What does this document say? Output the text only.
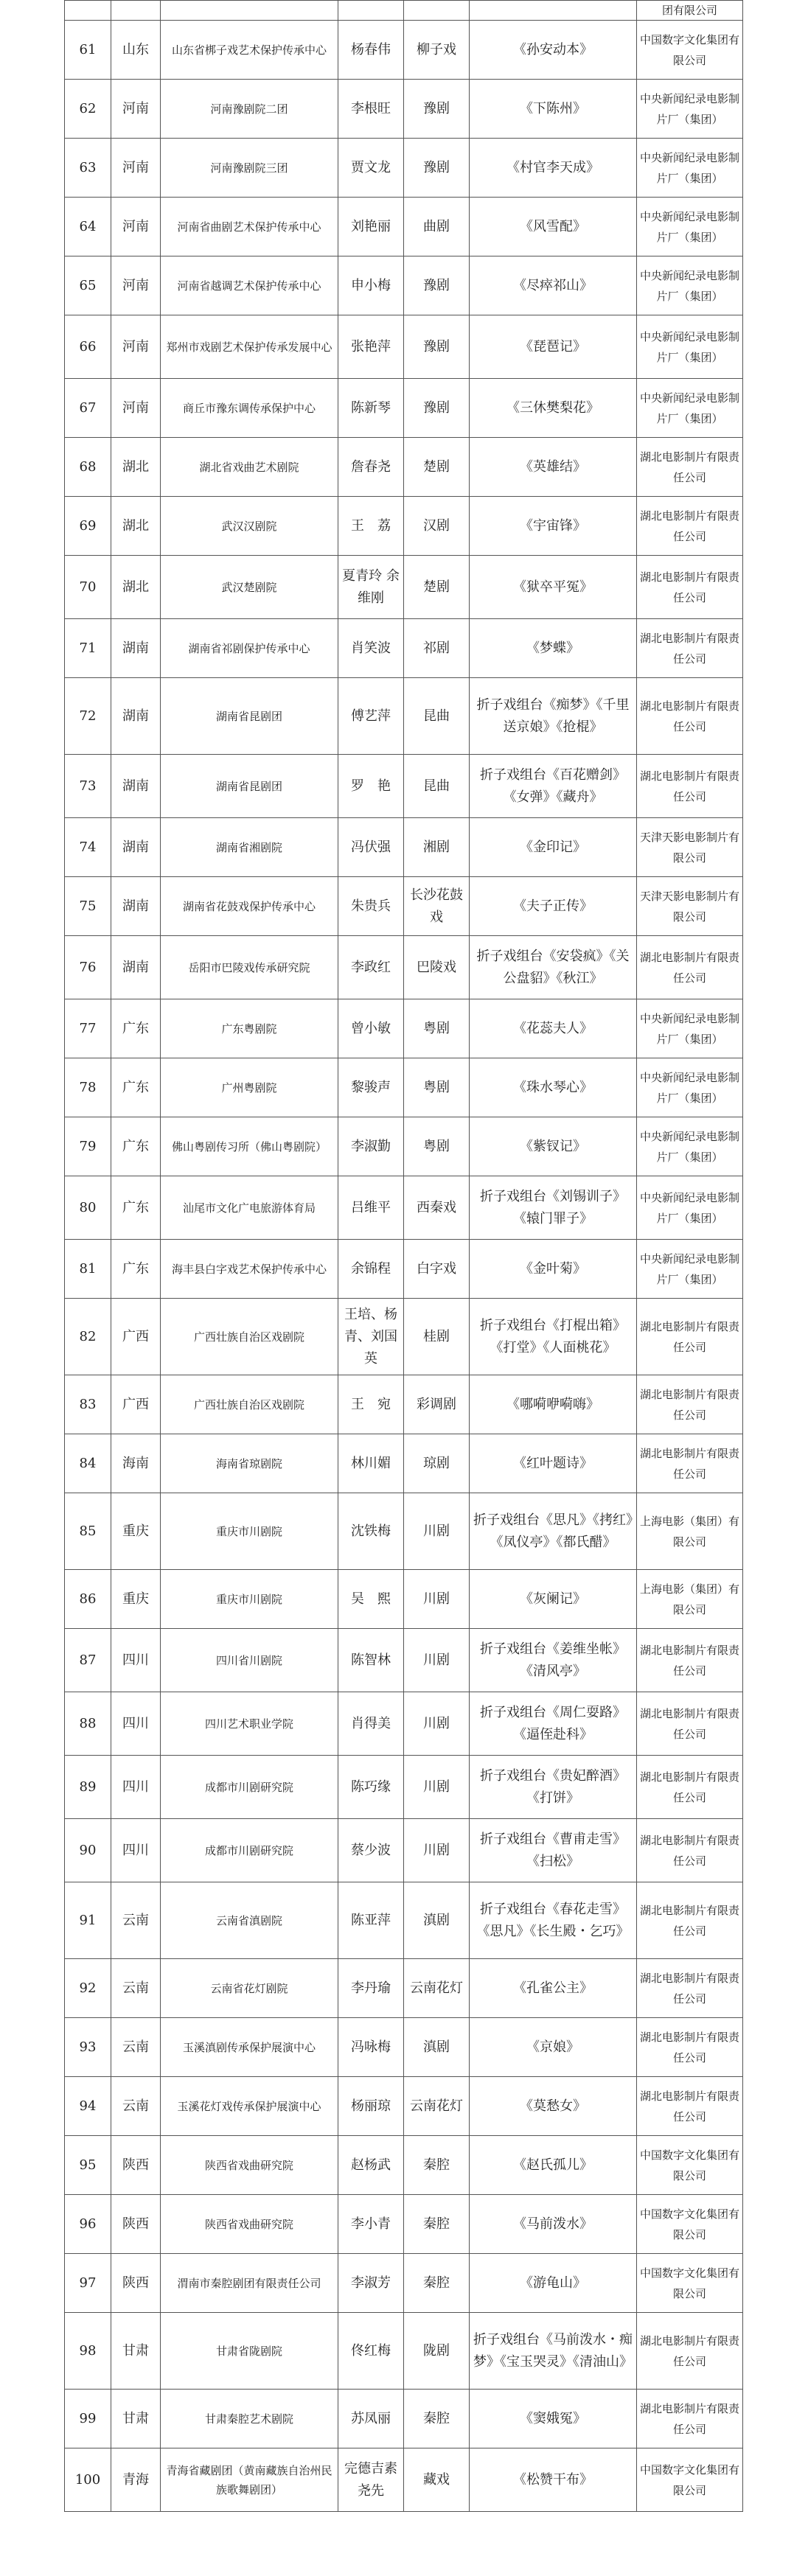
						团有限公司
61	山东	山东省梆子戏艺术保护传承中心	杨春伟	柳子戏	《孙安动本》	中国数字文化集团有限公司
62	河南	河南豫剧院二团	李根旺	豫剧	《下陈州》	中央新闻纪录电影制片厂（集团）
63	河南	河南豫剧院三团	贾文龙	豫剧	《村官李天成》	中央新闻纪录电影制片厂（集团）
64	河南	河南省曲剧艺术保护传承中心	刘艳丽	曲剧	《风雪配》	中央新闻纪录电影制片厂（集团）
65	河南	河南省越调艺术保护传承中心	申小梅	豫剧	《尽瘁祁山》	中央新闻纪录电影制片厂（集团）
66	河南	郑州市戏剧艺术保护传承发展中心	张艳萍	豫剧	《琵琶记》	中央新闻纪录电影制片厂（集团）
67	河南	商丘市豫东调传承保护中心	陈新琴	豫剧	《三休樊梨花》	中央新闻纪录电影制片厂（集团）
68	湖北	湖北省戏曲艺术剧院	詹春尧	楚剧	《英雄结》	湖北电影制片有限责任公司
69	湖北	武汉汉剧院	王　荔	汉剧	《宇宙锋》	湖北电影制片有限责任公司
70	湖北	武汉楚剧院	夏青玲 余维刚	楚剧	《狱卒平冤》	湖北电影制片有限责任公司
71	湖南	湖南省祁剧保护传承中心	肖笑波	祁剧	《梦蝶》	湖北电影制片有限责任公司
72	湖南	湖南省昆剧团	傅艺萍	昆曲	折子戏组台《痴梦》《千里送京娘》《抢棍》	湖北电影制片有限责任公司
73	湖南	湖南省昆剧团	罗　艳	昆曲	折子戏组台《百花赠剑》《女弹》《藏舟》	湖北电影制片有限责任公司
74	湖南	湖南省湘剧院	冯伏强	湘剧	《金印记》	天津天影电影制片有限公司
75	湖南	湖南省花鼓戏保护传承中心	朱贵兵	长沙花鼓戏	《夫子正传》	天津天影电影制片有限公司
76	湖南	岳阳市巴陵戏传承研究院	李政红	巴陵戏	折子戏组台《安袋疯》《关公盘貂》《秋江》	湖北电影制片有限责任公司
77	广东	广东粤剧院	曾小敏	粤剧	《花蕊夫人》	中央新闻纪录电影制片厂（集团）
78	广东	广州粤剧院	黎骏声	粤剧	《珠水琴心》	中央新闻纪录电影制片厂（集团）
79	广东	佛山粤剧传习所（佛山粤剧院）	李淑勤	粤剧	《紫钗记》	中央新闻纪录电影制片厂（集团）
80	广东	汕尾市文化广电旅游体育局	吕维平	西秦戏	折子戏组台《刘锡训子》《辕门罪子》	中央新闻纪录电影制片厂（集团）
81	广东	海丰县白字戏艺术保护传承中心	余锦程	白字戏	《金叶菊》	中央新闻纪录电影制片厂（集团）
82	广西	广西壮族自治区戏剧院	王培、杨青、刘国英	桂剧	折子戏组台《打棍出箱》《打堂》《人面桃花》	湖北电影制片有限责任公司
83	广西	广西壮族自治区戏剧院	王　宛	彩调剧	《哪嗬咿嗬嗨》	湖北电影制片有限责任公司
84	海南	海南省琼剧院	林川媚	琼剧	《红叶题诗》	湖北电影制片有限责任公司
85	重庆	重庆市川剧院	沈铁梅	川剧	折子戏组台《思凡》《拷红》《凤仪亭》《都氏醋》	上海电影（集团）有限公司
86	重庆	重庆市川剧院	吴　熙	川剧	《灰阑记》	上海电影（集团）有限公司
87	四川	四川省川剧院	陈智林	川剧	折子戏组台《姜维坐帐》《清风亭》	湖北电影制片有限责任公司
88	四川	四川艺术职业学院	肖得美	川剧	折子戏组台《周仁耍路》《逼侄赴科》	湖北电影制片有限责任公司
89	四川	成都市川剧研究院	陈巧缘	川剧	折子戏组台《贵妃醉酒》《打饼》	湖北电影制片有限责任公司
90	四川	成都市川剧研究院	蔡少波	川剧	折子戏组台《曹甫走雪》《扫松》	湖北电影制片有限责任公司
91	云南	云南省滇剧院	陈亚萍	滇剧	折子戏组台《春花走雪》《思凡》《长生殿・乞巧》	湖北电影制片有限责任公司
92	云南	云南省花灯剧院	李丹瑜	云南花灯	《孔雀公主》	湖北电影制片有限责任公司
93	云南	玉溪滇剧传承保护展演中心	冯咏梅	滇剧	《京娘》	湖北电影制片有限责任公司
94	云南	玉溪花灯戏传承保护展演中心	杨丽琼	云南花灯	《莫愁女》	湖北电影制片有限责任公司
95	陕西	陕西省戏曲研究院	赵杨武	秦腔	《赵氏孤儿》	中国数字文化集团有限公司
96	陕西	陕西省戏曲研究院	李小青	秦腔	《马前泼水》	中国数字文化集团有限公司
97	陕西	渭南市秦腔剧团有限责任公司	李淑芳	秦腔	《游龟山》	中国数字文化集团有限公司
98	甘肃	甘肃省陇剧院	佟红梅	陇剧	折子戏组台《马前泼水・痴梦》《宝玉哭灵》《清油山》	湖北电影制片有限责任公司
99	甘肃	甘肃秦腔艺术剧院	苏凤丽	秦腔	《窦娥冤》	湖北电影制片有限责任公司
100	青海	青海省藏剧团（黄南藏族自治州民族歌舞剧团）	完德吉素尧先	藏戏	《松赞干布》	中国数字文化集团有限公司
